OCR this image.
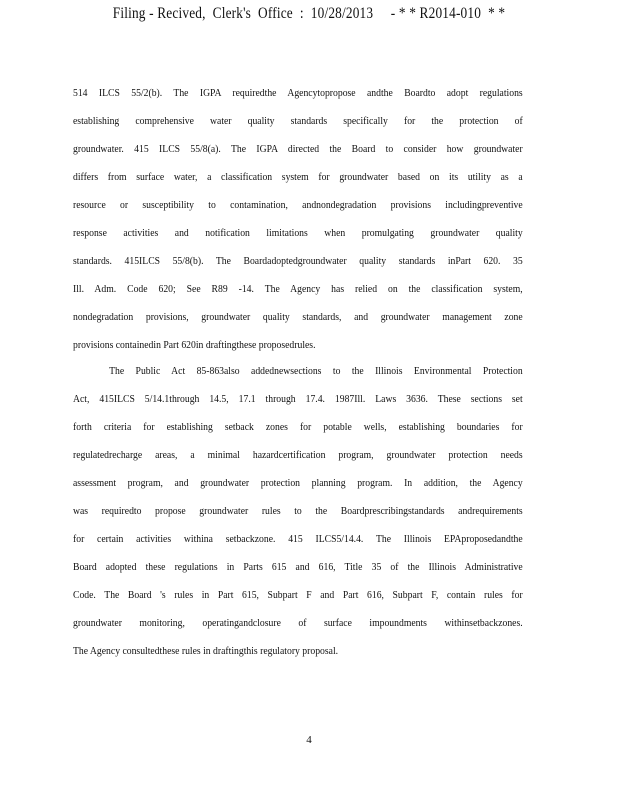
Filing - Recived,  Clerk's  Office  :  10/28/2013     - * * R2014-010  * *
514 ILCS 55/2(b). The IGPA requiredthe Agencytopropose andthe Boardto adopt regulations
establishing comprehensive water quality standards specifically for the protection of
groundwater. 415 ILCS 55/8(a). The IGPA directed the Board to consider how groundwater
differs from surface water, a classification system for groundwater based on its utility as a
resource or susceptibility to contamination, andnondegradation provisions includingpreventive
response activities and notification limitations when promulgating groundwater quality
standards. 415ILCS 55/8(b). The Boardadoptedgroundwater quality standards inPart 620. 35
Ill. Adm. Code 620; See R89 -14. The Agency has relied on the classification system,
nondegradation provisions, groundwater quality standards, and groundwater management zone
provisions containedin Part 620in draftingthese proposedrules.
The Public Act 85-863also addednewsections to the Illinois Environmental Protection
Act, 415ILCS 5/14.1through 14.5, 17.1 through 17.4. 1987Ill. Laws 3636. These sections set
forth criteria for establishing setback zones for potable wells, establishing boundaries for
regulatedrecharge areas, a minimal hazardcertification program, groundwater protection needs
assessment program, and groundwater protection planning program. In addition, the Agency
was requiredto propose groundwater rules to the Boardprescribingstandards andrequirements
for certain activities withina setbackzone. 415 ILCS5/14.4. The Illinois EPAproposedandthe
Board adopted these regulations in Parts 615 and 616, Title 35 of the Illinois Administrative
Code. The Board 's rules in Part 615, Subpart F and Part 616, Subpart F, contain rules for
groundwater monitoring, operatingandclosure of surface impoundments withinsetbackzones.
The Agency consultedthese rules in draftingthis regulatory proposal.
4
